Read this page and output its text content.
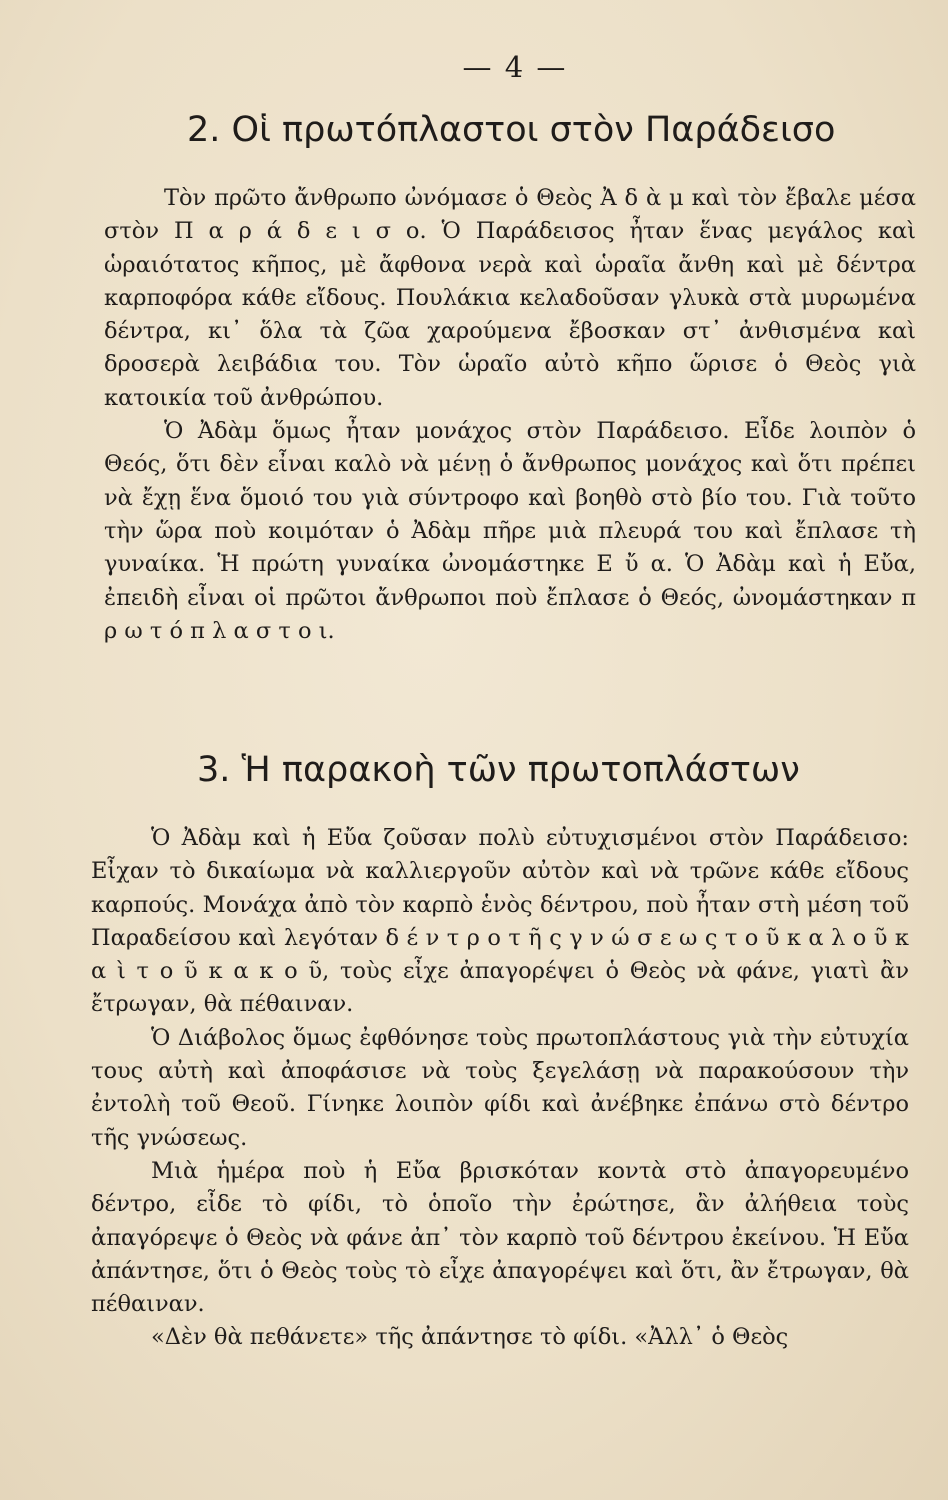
— 4 —
2. Οἱ πρωτόπλαστοι στὸν Παράδεισο

Τὸν πρῶτο ἄνθρωπο ὠνόμασε ὁ Θεὸς Ἀ δ ὰ μ καὶ τὸν ἔβαλε μέσα στὸν Π α ρ ά δ ε ι σ ο. Ὁ Παράδεισος ἦταν ἕνας μεγάλος καὶ ὡραιότατος κῆπος, μὲ ἄφθονα νερὰ καὶ ὡραῖα ἄνθη καὶ μὲ δέντρα καρποφόρα κάθε εἴδους. Πουλάκια κελαδοῦσαν γλυκὰ στὰ μυρωμένα δέντρα, κι᾿ ὅλα τὰ ζῶα χαρούμενα ἔβοσκαν στ᾿ ἀνθισμένα καὶ δροσερὰ λειβάδια του. Τὸν ὡραῖο αὐτὸ κῆπο ὥρισε ὁ Θεὸς γιὰ κατοικία τοῦ ἀνθρώπου.

Ὁ Ἀδὰμ ὅμως ἦταν μονάχος στὸν Παράδεισο. Εἶδε λοιπὸν ὁ Θεός, ὅτι δὲν εἶναι καλὸ νὰ μένῃ ὁ ἄνθρωπος μονάχος καὶ ὅτι πρέπει νὰ ἔχῃ ἕνα ὅμοιό του γιὰ σύντροφο καὶ βοηθὸ στὸ βίο του. Γιὰ τοῦτο τὴν ὥρα ποὺ κοιμόταν ὁ Ἀδὰμ πῆρε μιὰ πλευρά του καὶ ἔπλασε τὴ γυναίκα. Ἡ πρώτη γυναίκα ὠνομάστηκε Ε ὔ α. Ὁ Ἀδὰμ καὶ ἡ Εὔα, ἐπειδὴ εἶναι οἱ πρῶτοι ἄνθρωποι ποὺ ἔπλασε ὁ Θεός, ὠνομάστηκαν π ρ ω τ ό π λ α σ τ ο ι.

3. Ἡ παρακοὴ τῶν πρωτοπλάστων

Ὁ Ἀδὰμ καὶ ἡ Εὔα ζοῦσαν πολὺ εὐτυχισμένοι στὸν Παράδεισο: Εἶχαν τὸ δικαίωμα νὰ καλλιεργοῦν αὐτὸν καὶ νὰ τρῶνε κάθε εἴδους καρπούς. Μονάχα ἀπὸ τὸν καρπὸ ἑνὸς δέντρου, ποὺ ἦταν στὴ μέση τοῦ Παραδείσου καὶ λεγόταν δ έ ν τ ρ ο τ ῆ ς γ ν ώ σ ε ω ς τ ο ῦ κ α λ ο ῦ κ α ὶ τ ο ῦ κ α κ ο ῦ, τοὺς εἶχε ἀπαγορέψει ὁ Θεὸς νὰ φάνε, γιατὶ ἂν ἔτρωγαν, θὰ πέθαιναν.

Ὁ Διάβολος ὅμως ἐφθόνησε τοὺς πρωτοπλάστους γιὰ τὴν εὐτυχία τους αὐτὴ καὶ ἀποφάσισε νὰ τοὺς ξεγελάσῃ νὰ παρακούσουν τὴν ἐντολὴ τοῦ Θεοῦ. Γίνηκε λοιπὸν φίδι καὶ ἀνέβηκε ἐπάνω στὸ δέντρο τῆς γνώσεως.

Μιὰ ἡμέρα ποὺ ἡ Εὔα βρισκόταν κοντὰ στὸ ἀπαγορευμένο δέντρο, εἶδε τὸ φίδι, τὸ ὁποῖο τὴν ἐρώτησε, ἂν ἀλήθεια τοὺς ἀπαγόρεψε ὁ Θεὸς νὰ φάνε ἀπ᾿ τὸν καρπὸ τοῦ δέντρου ἐκείνου. Ἡ Εὔα ἀπάντησε, ὅτι ὁ Θεὸς τοὺς τὸ εἶχε ἀπαγορέψει καὶ ὅτι, ἂν ἔτρωγαν, θὰ πέθαιναν.

«Δὲν θὰ πεθάνετε» τῆς ἀπάντησε τὸ φίδι. «Ἀλλ᾿ ὁ Θεὸς
